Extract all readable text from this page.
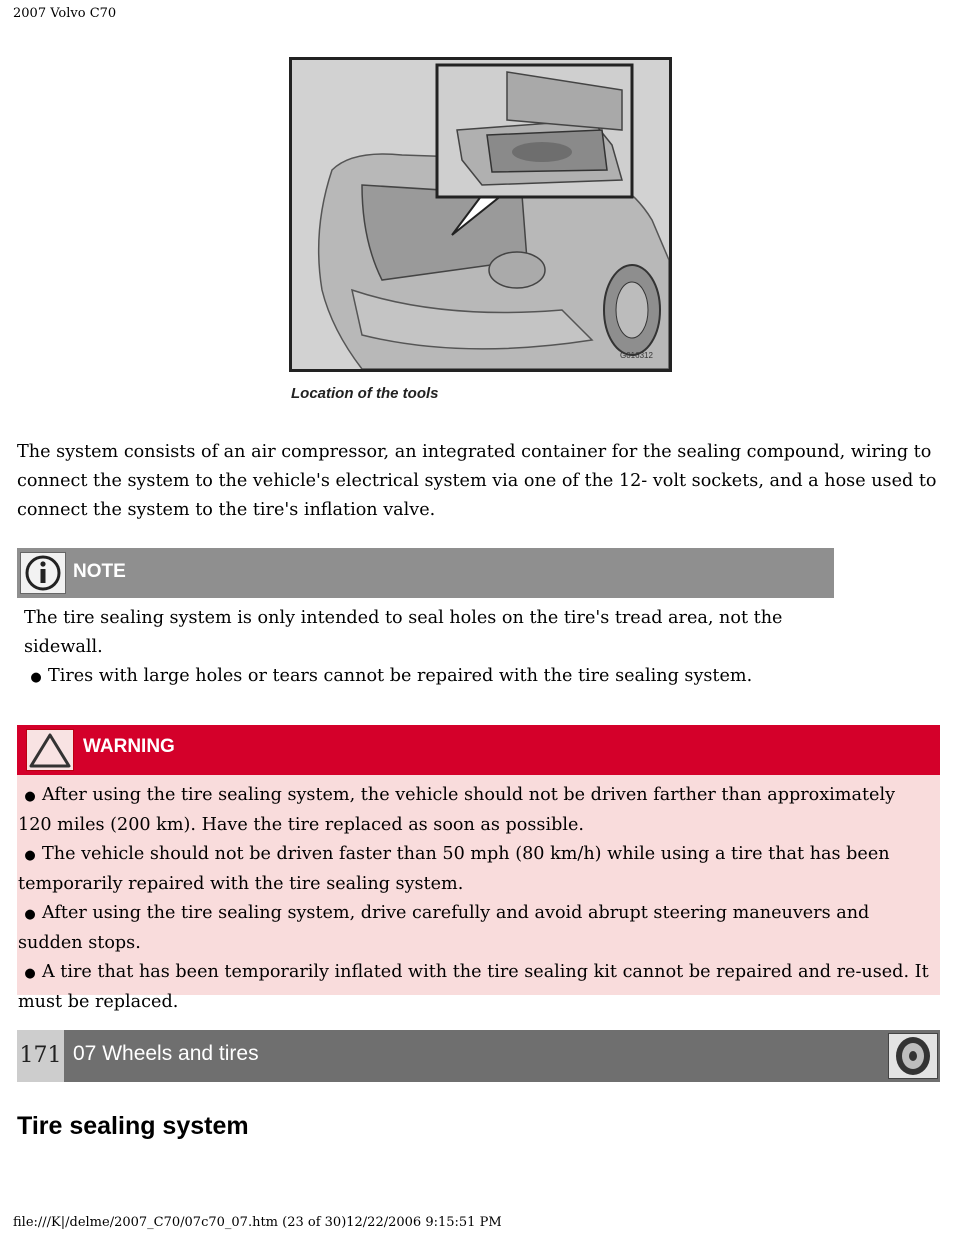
2007 Volvo C70
G016312
Location of the tools
The system consists of an air compressor, an integrated container for the sealing compound, wiring to connect the system to the vehicle's electrical system via one of the 12- volt sockets, and a hose used to connect the system to the tire's inflation valve.
NOTE
The tire sealing system is only intended to seal holes on the tire's tread area, not the sidewall.
● Tires with large holes or tears cannot be repaired with the tire sealing system.
WARNING
● After using the tire sealing system, the vehicle should not be driven farther than approximately 120 miles (200 km). Have the tire replaced as soon as possible.
● The vehicle should not be driven faster than 50 mph (80 km/h) while using a tire that has been temporarily repaired with the tire sealing system.
● After using the tire sealing system, drive carefully and avoid abrupt steering maneuvers and sudden stops.
● A tire that has been temporarily inflated with the tire sealing kit cannot be repaired and re-used. It must be replaced.
171 07 Wheels and tires
Tire sealing system
file:///K|/delme/2007_C70/07c70_07.htm (23 of 30)12/22/2006 9:15:51 PM
